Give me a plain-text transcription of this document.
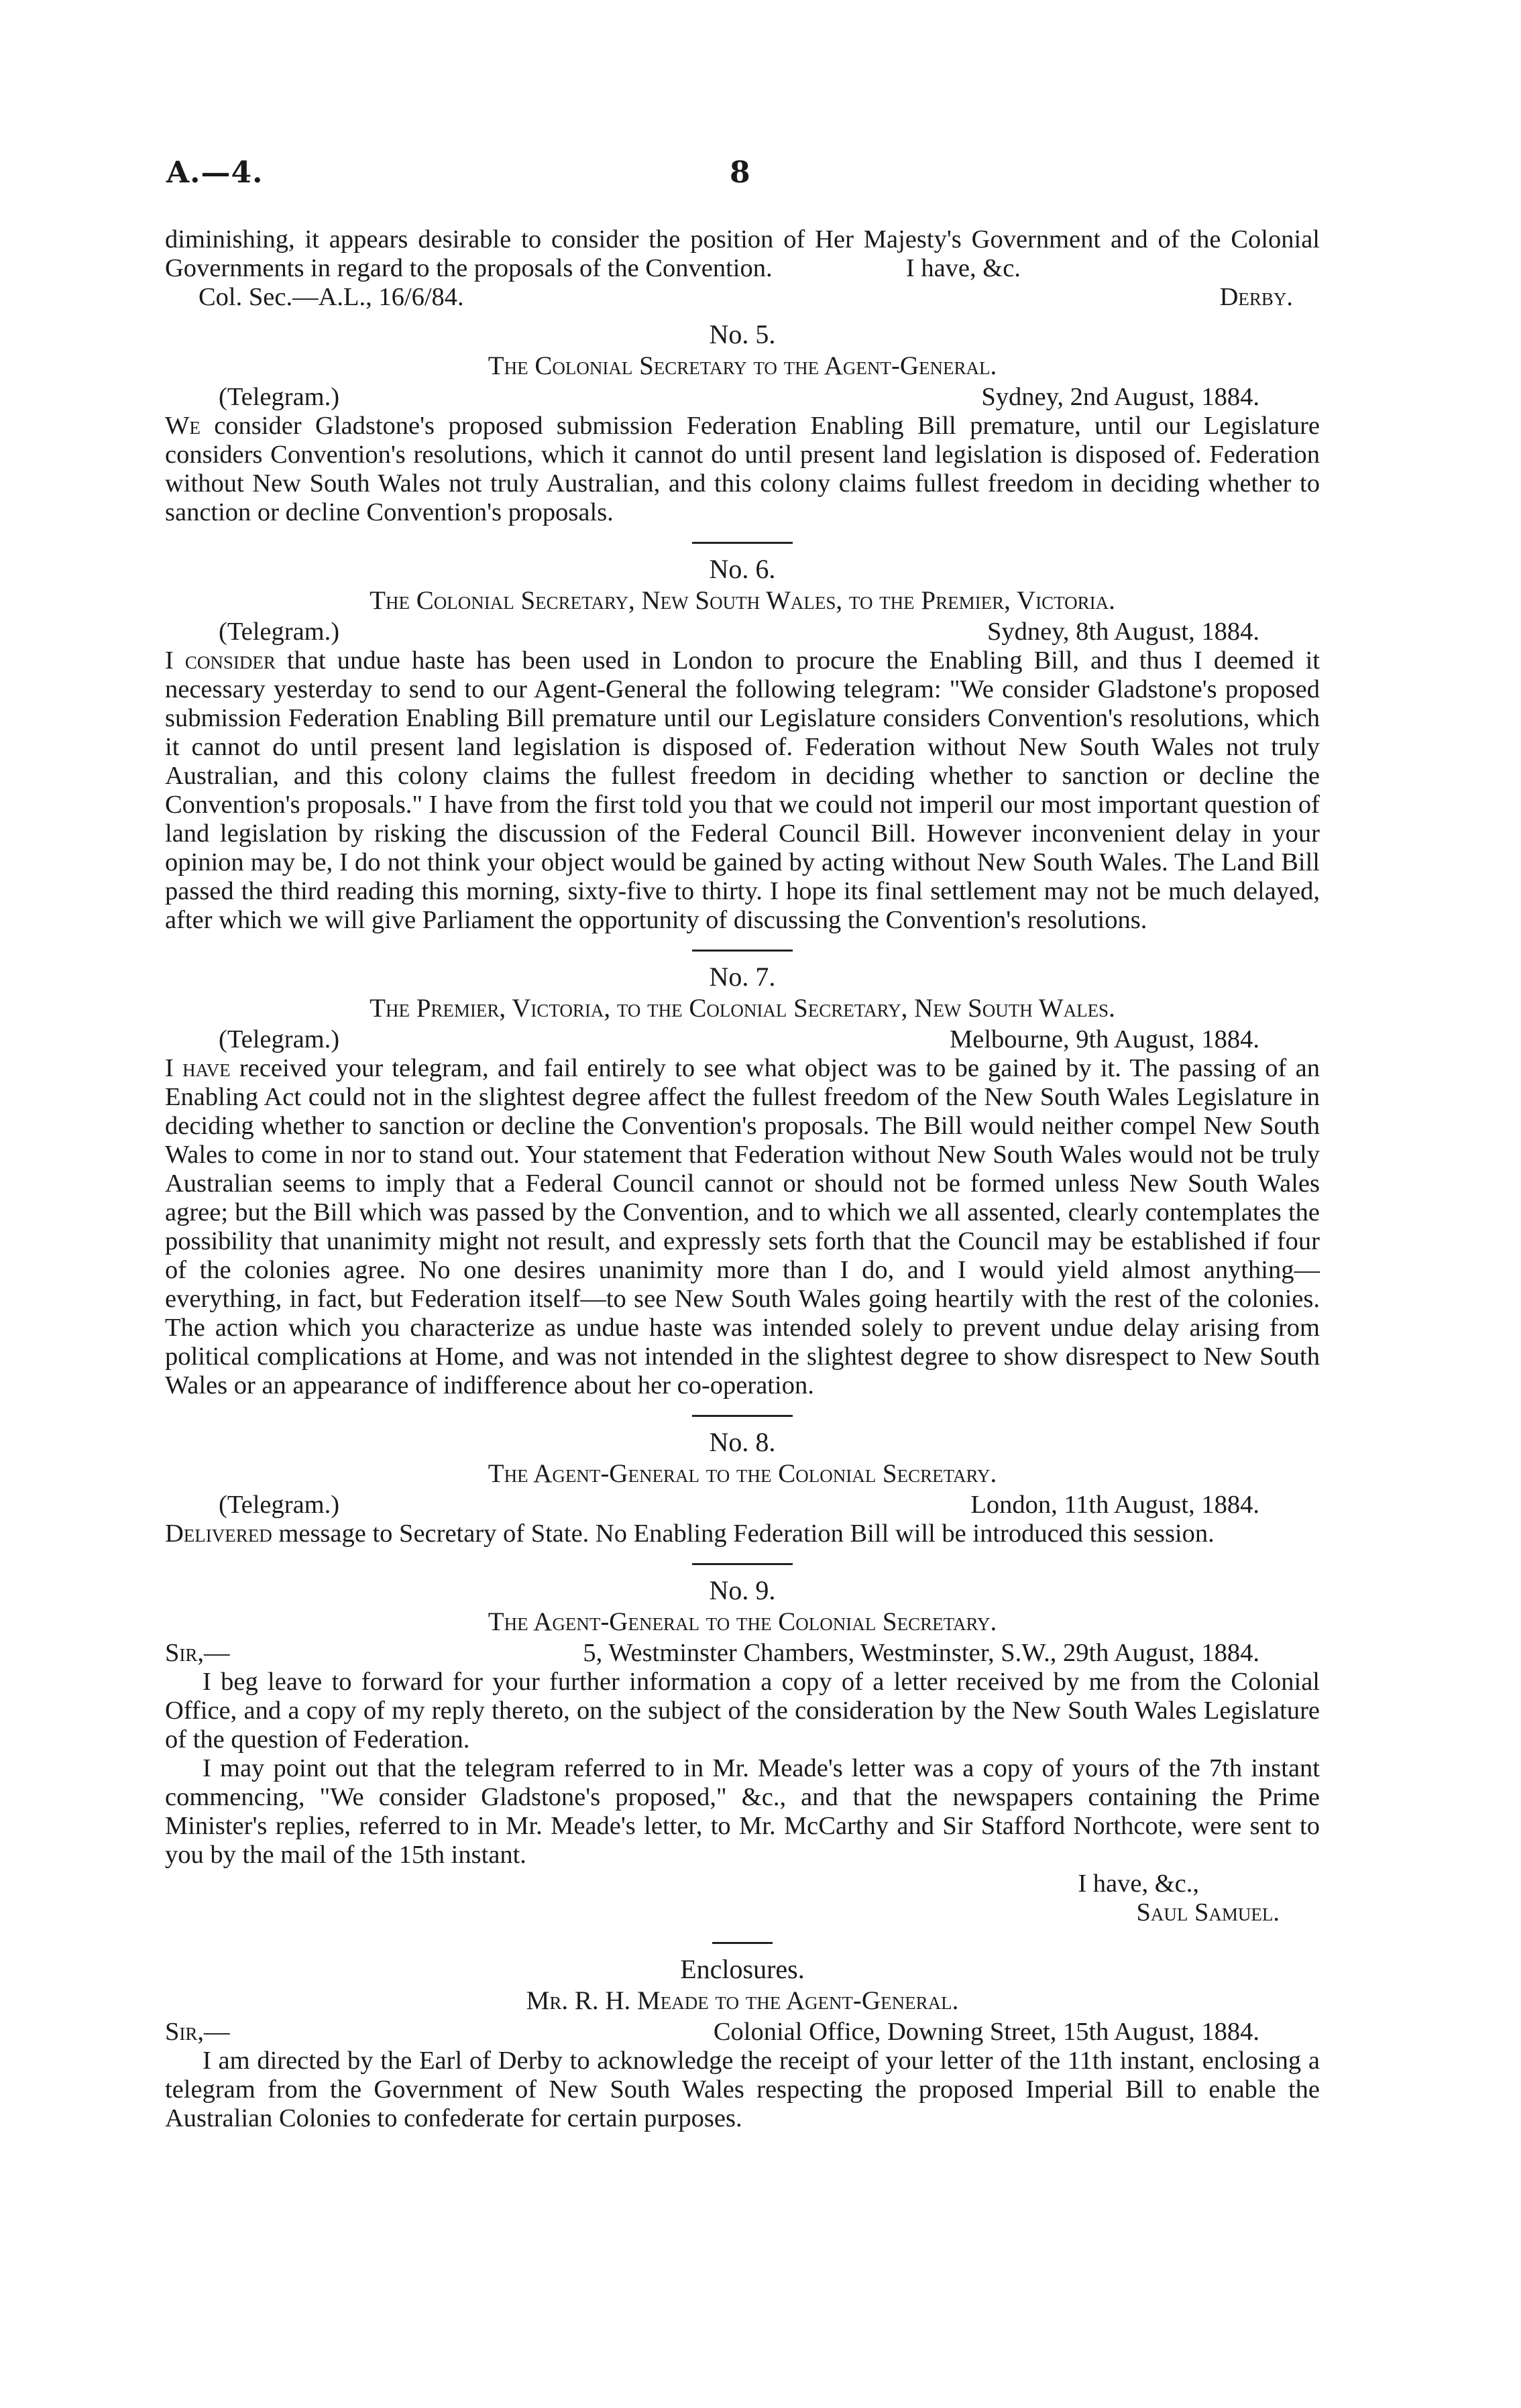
A.—4.	8

diminishing, it appears desirable to consider the position of Her Majesty's Government and of the Colonial Governments in regard to the proposals of the Convention.	I have, &c.

Col. Sec.—A.L., 16/6/84.	Derby.
No. 5.
The Colonial Secretary to the Agent-General.
(Telegram.)	Sydney, 2nd August, 1884.

We consider Gladstone's proposed submission Federation Enabling Bill premature, until our Legislature considers Convention's resolutions, which it cannot do until present land legislation is disposed of. Federation without New South Wales not truly Australian, and this colony claims fullest freedom in deciding whether to sanction or decline Convention's proposals.

No. 6.
The Colonial Secretary, New South Wales, to the Premier, Victoria.
(Telegram.)	Sydney, 8th August, 1884.

I consider that undue haste has been used in London to procure the Enabling Bill, and thus I deemed it necessary yesterday to send to our Agent-General the following telegram: "We consider Gladstone's proposed submission Federation Enabling Bill premature until our Legislature considers Convention's resolutions, which it cannot do until present land legislation is disposed of. Federation without New South Wales not truly Australian, and this colony claims the fullest freedom in deciding whether to sanction or decline the Convention's proposals." I have from the first told you that we could not imperil our most important question of land legislation by risking the discussion of the Federal Council Bill. However inconvenient delay in your opinion may be, I do not think your object would be gained by acting without New South Wales. The Land Bill passed the third reading this morning, sixty-five to thirty. I hope its final settlement may not be much delayed, after which we will give Parliament the opportunity of discussing the Convention's resolutions.

No. 7.
The Premier, Victoria, to the Colonial Secretary, New South Wales.
(Telegram.)	Melbourne, 9th August, 1884.

I have received your telegram, and fail entirely to see what object was to be gained by it. The passing of an Enabling Act could not in the slightest degree affect the fullest freedom of the New South Wales Legislature in deciding whether to sanction or decline the Convention's proposals. The Bill would neither compel New South Wales to come in nor to stand out. Your statement that Federation without New South Wales would not be truly Australian seems to imply that a Federal Council cannot or should not be formed unless New South Wales agree; but the Bill which was passed by the Convention, and to which we all assented, clearly contemplates the possibility that unanimity might not result, and expressly sets forth that the Council may be established if four of the colonies agree. No one desires unanimity more than I do, and I would yield almost anything—everything, in fact, but Federation itself—to see New South Wales going heartily with the rest of the colonies. The action which you characterize as undue haste was intended solely to prevent undue delay arising from political complications at Home, and was not intended in the slightest degree to show disrespect to New South Wales or an appearance of indifference about her co-operation.

No. 8.
The Agent-General to the Colonial Secretary.
(Telegram.)	London, 11th August, 1884.

Delivered message to Secretary of State. No Enabling Federation Bill will be introduced this session.

No. 9.
The Agent-General to the Colonial Secretary.
Sir,—	5, Westminster Chambers, Westminster, S.W., 29th August, 1884.

I beg leave to forward for your further information a copy of a letter received by me from the Colonial Office, and a copy of my reply thereto, on the subject of the consideration by the New South Wales Legislature of the question of Federation.

I may point out that the telegram referred to in Mr. Meade's letter was a copy of yours of the 7th instant commencing, "We consider Gladstone's proposed," &c., and that the newspapers containing the Prime Minister's replies, referred to in Mr. Meade's letter, to Mr. McCarthy and Sir Stafford Northcote, were sent to you by the mail of the 15th instant.

I have, &c.,
Saul Samuel.
Enclosures.
Mr. R. H. Meade to the Agent-General.
Sir,—	Colonial Office, Downing Street, 15th August, 1884.

I am directed by the Earl of Derby to acknowledge the receipt of your letter of the 11th instant, enclosing a telegram from the Government of New South Wales respecting the proposed Imperial Bill to enable the Australian Colonies to confederate for certain purposes.
